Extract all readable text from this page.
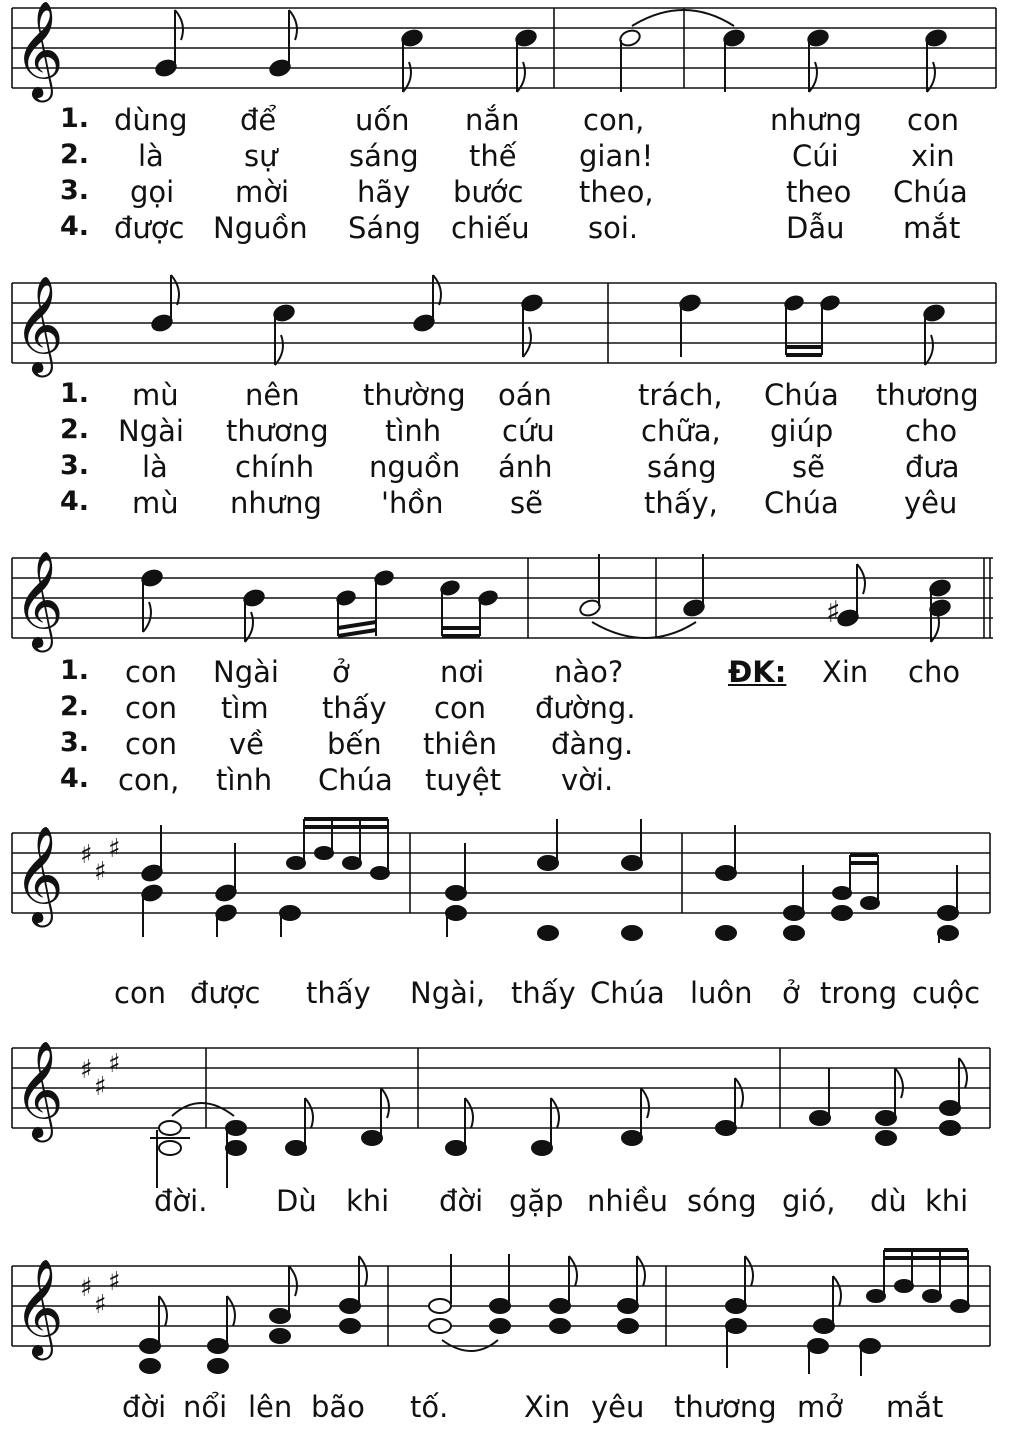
𝄞
1. dùng để	uốn nắn con,	nhưng con
2. là	sự sáng thế gian!	Cúi xin
3. gọi mời hãy bước theo,	theo Chúa
4. được Nguồn Sáng chiếu soi.	Dẫu mắt
𝄞
1. mù nên thường oán	trách, Chúa thương
2. Ngài thương tình cứu	chữa, giúp cho
3. là chính nguồn ánh	sáng	sẽ	đưa
4. mù nhưng 'hồn sẽ	thấy, Chúa yêu
𝄞	♯
1. con Ngài ở	nơi nào?	ĐK: Xin cho
2. con tìm thấy con đường.
3. con về bến thiên đàng.
4. con, tình Chúa tuyệt vời.
𝄞 ♯
♯
♯
con được thấy Ngài, thấy Chúa luôn ở trong cuộc
𝄞 ♯
♯
♯
đời. Dù khi đời gặp nhiều sóng gió, dù khi
𝄞 ♯
♯
♯
đời nổi lên bão tố.	Xin yêu thương mở mắt
